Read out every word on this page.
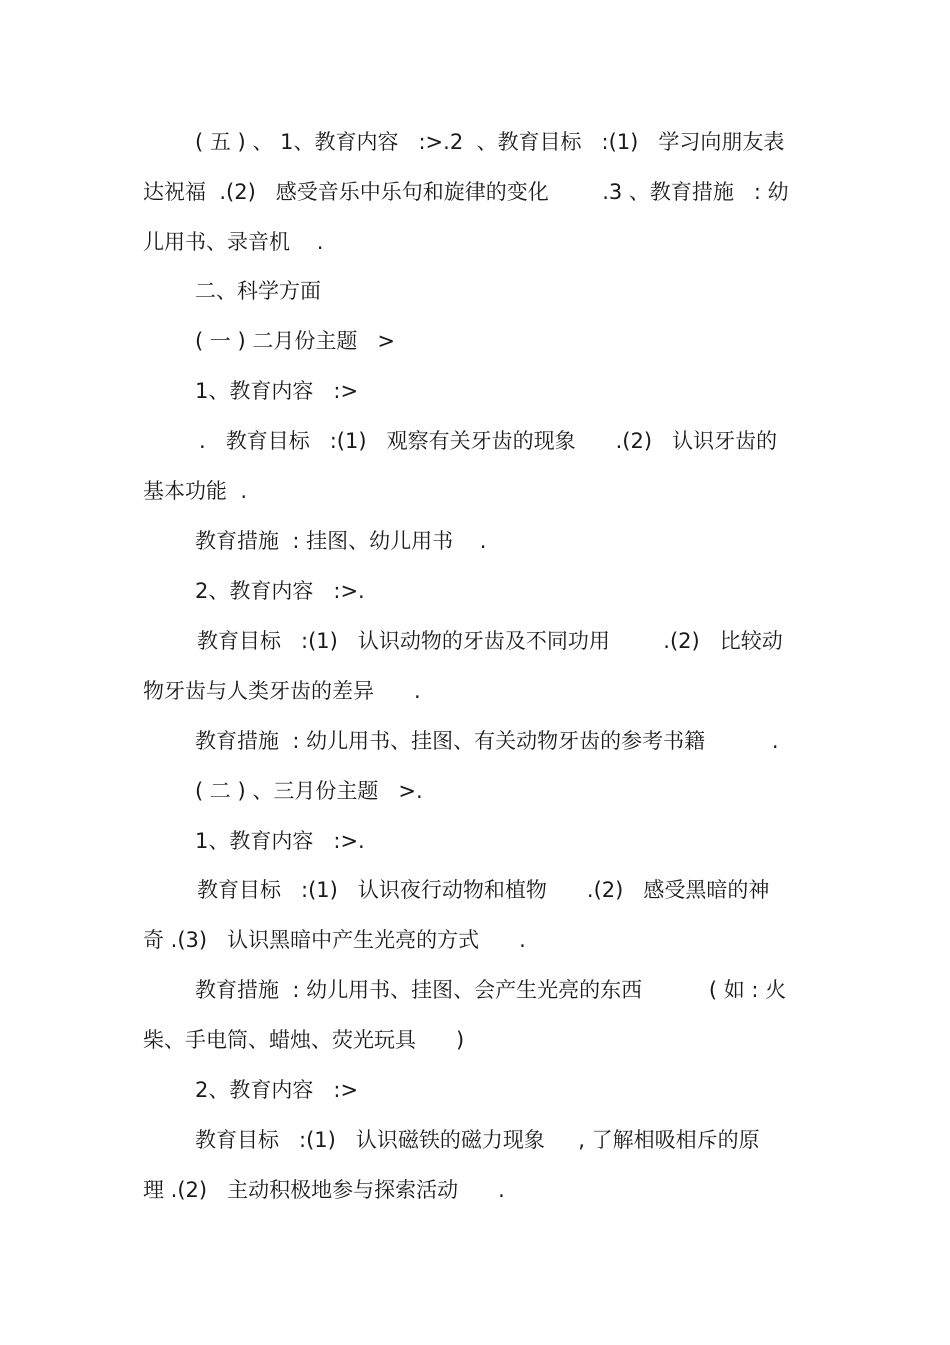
( 五 ) 、 1、教育内容   :>.2  、教育目标   :(1)   学习向朋友表
达祝福  .(2)   感受音乐中乐句和旋律的变化        .3 、教育措施   : 幼
儿用书、录音机    .
二、科学方面
( 一 ) 二月份主题   >
1、教育内容   :>
.   教育目标   :(1)   观察有关牙齿的现象      .(2)   认识牙齿的
基本功能  .
教育措施  : 挂图、幼儿用书    .
2、教育内容   :>.
教育目标   :(1)   认识动物的牙齿及不同功用        .(2)   比较动
物牙齿与人类牙齿的差异      .
教育措施  : 幼儿用书、挂图、有关动物牙齿的参考书籍          .
( 二 ) 、三月份主题   >.
1、教育内容   :>.
教育目标   :(1)   认识夜行动物和植物      .(2)   感受黑暗的神
奇 .(3)   认识黑暗中产生光亮的方式      .
教育措施  : 幼儿用书、挂图、会产生光亮的东西          ( 如 : 火
柴、手电筒、蜡烛、荧光玩具      )
2、教育内容   :>
教育目标   :(1)   认识磁铁的磁力现象     , 了解相吸相斥的原
理 .(2)   主动积极地参与探索活动      .
